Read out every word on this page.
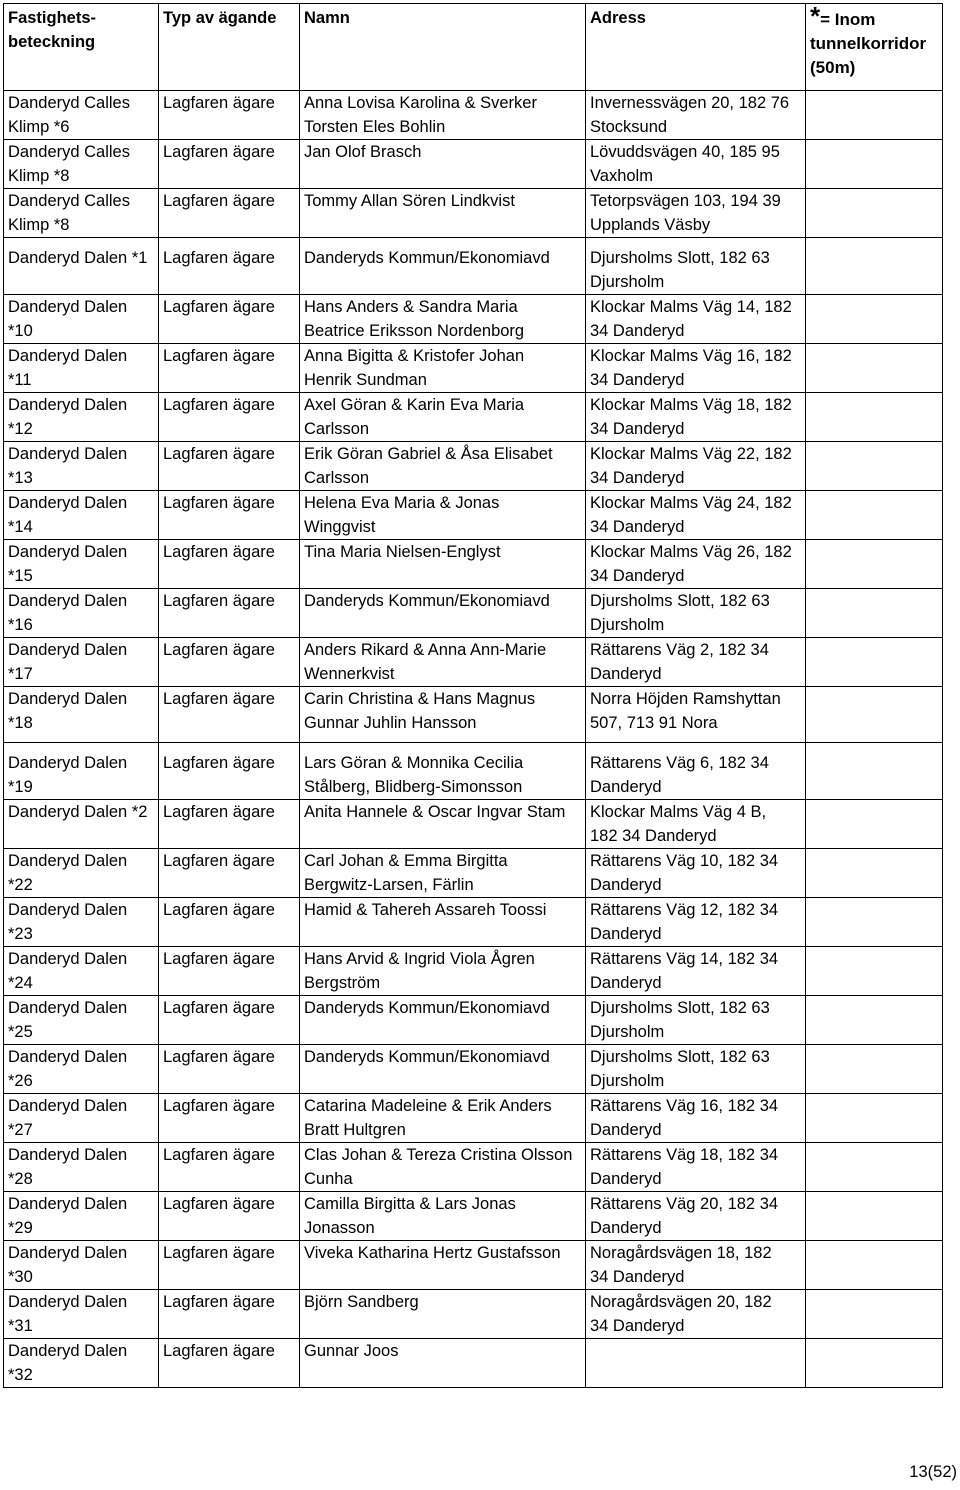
Fastighets-
beteckning	Typ av ägande	Namn	Adress	*= Inom
tunnelkorridor
(50m)
Danderyd Calles
Klimp *6	Lagfaren ägare	Anna Lovisa Karolina & Sverker
Torsten Eles Bohlin	Invernessvägen 20, 182 76
Stocksund	
Danderyd Calles
Klimp *8	Lagfaren ägare	Jan Olof Brasch	Lövuddsvägen 40, 185 95
Vaxholm	
Danderyd Calles
Klimp *8	Lagfaren ägare	Tommy Allan Sören Lindkvist	Tetorpsvägen 103, 194 39
Upplands Väsby	
Danderyd Dalen *1	Lagfaren ägare	Danderyds Kommun/Ekonomiavd	Djursholms Slott, 182 63
Djursholm	
Danderyd Dalen
*10	Lagfaren ägare	Hans Anders & Sandra Maria
Beatrice Eriksson Nordenborg	Klockar Malms Väg 14, 182
34 Danderyd	
Danderyd Dalen
*11	Lagfaren ägare	Anna Bigitta & Kristofer Johan
Henrik Sundman	Klockar Malms Väg 16, 182
34 Danderyd	
Danderyd Dalen
*12	Lagfaren ägare	Axel Göran & Karin Eva Maria
Carlsson	Klockar Malms Väg 18, 182
34 Danderyd	
Danderyd Dalen
*13	Lagfaren ägare	Erik Göran Gabriel & Åsa Elisabet
Carlsson	Klockar Malms Väg 22, 182
34 Danderyd	
Danderyd Dalen
*14	Lagfaren ägare	Helena Eva Maria & Jonas
Winggvist	Klockar Malms Väg 24, 182
34 Danderyd	
Danderyd Dalen
*15	Lagfaren ägare	Tina Maria Nielsen-Englyst	Klockar Malms Väg 26, 182
34 Danderyd	
Danderyd Dalen
*16	Lagfaren ägare	Danderyds Kommun/Ekonomiavd	Djursholms Slott, 182 63
Djursholm	
Danderyd Dalen
*17	Lagfaren ägare	Anders Rikard & Anna Ann-Marie
Wennerkvist	Rättarens Väg 2, 182 34
Danderyd	
Danderyd Dalen
*18	Lagfaren ägare	Carin Christina & Hans Magnus
Gunnar Juhlin Hansson	Norra Höjden Ramshyttan
507, 713 91 Nora	
Danderyd Dalen
*19	Lagfaren ägare	Lars Göran & Monnika Cecilia
Stålberg, Blidberg-Simonsson	Rättarens Väg 6, 182 34
Danderyd	
Danderyd Dalen *2	Lagfaren ägare	Anita Hannele & Oscar Ingvar Stam	Klockar Malms Väg 4 B,
182 34 Danderyd	
Danderyd Dalen
*22	Lagfaren ägare	Carl Johan & Emma Birgitta
Bergwitz-Larsen, Färlin	Rättarens Väg 10, 182 34
Danderyd	
Danderyd Dalen
*23	Lagfaren ägare	Hamid & Tahereh Assareh Toossi	Rättarens Väg 12, 182 34
Danderyd	
Danderyd Dalen
*24	Lagfaren ägare	Hans Arvid & Ingrid Viola Ågren
Bergström	Rättarens Väg 14, 182 34
Danderyd	
Danderyd Dalen
*25	Lagfaren ägare	Danderyds Kommun/Ekonomiavd	Djursholms Slott, 182 63
Djursholm	
Danderyd Dalen
*26	Lagfaren ägare	Danderyds Kommun/Ekonomiavd	Djursholms Slott, 182 63
Djursholm	
Danderyd Dalen
*27	Lagfaren ägare	Catarina Madeleine & Erik Anders
Bratt Hultgren	Rättarens Väg 16, 182 34
Danderyd	
Danderyd Dalen
*28	Lagfaren ägare	Clas Johan & Tereza Cristina Olsson
Cunha	Rättarens Väg 18, 182 34
Danderyd	
Danderyd Dalen
*29	Lagfaren ägare	Camilla Birgitta & Lars Jonas
Jonasson	Rättarens Väg 20, 182 34
Danderyd	
Danderyd Dalen
*30	Lagfaren ägare	Viveka Katharina Hertz Gustafsson	Noragårdsvägen 18, 182
34 Danderyd	
Danderyd Dalen
*31	Lagfaren ägare	Björn Sandberg	Noragårdsvägen 20, 182
34 Danderyd	
Danderyd Dalen
*32	Lagfaren ägare	Gunnar Joos		
13(52)
